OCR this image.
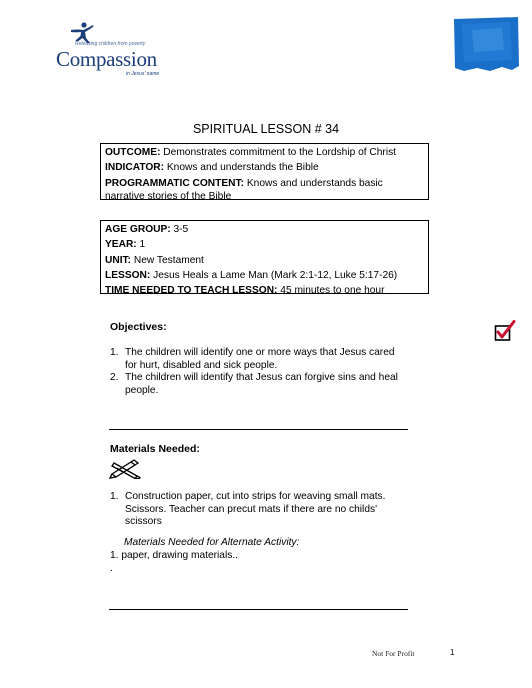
Releasing children from poverty
Compassion
in Jesus' name
SPIRITUAL LESSON # 34

OUTCOME: Demonstrates commitment to the Lordship of Christ

INDICATOR: Knows and understands the Bible

PROGRAMMATIC CONTENT: Knows and understands basic narrative stories of the Bible

AGE GROUP: 3-5

YEAR: 1

UNIT: New Testament

LESSON: Jesus Heals a Lame Man (Mark 2:1-12, Luke 5:17-26)

TIME NEEDED TO TEACH LESSON: 45 minutes to one hour

Objectives:
1. The children will identify one or more ways that Jesus cared
for hurt, disabled and sick people.
2. The children will identify that Jesus can forgive sins and heal
people.
Materials Needed:
1. Construction paper, cut into strips for weaving small mats.
Scissors. Teacher can precut mats if there are no childs'
scissors
Materials Needed for Alternate Activity:
1. paper, drawing materials..
.
Not For Profit	1
